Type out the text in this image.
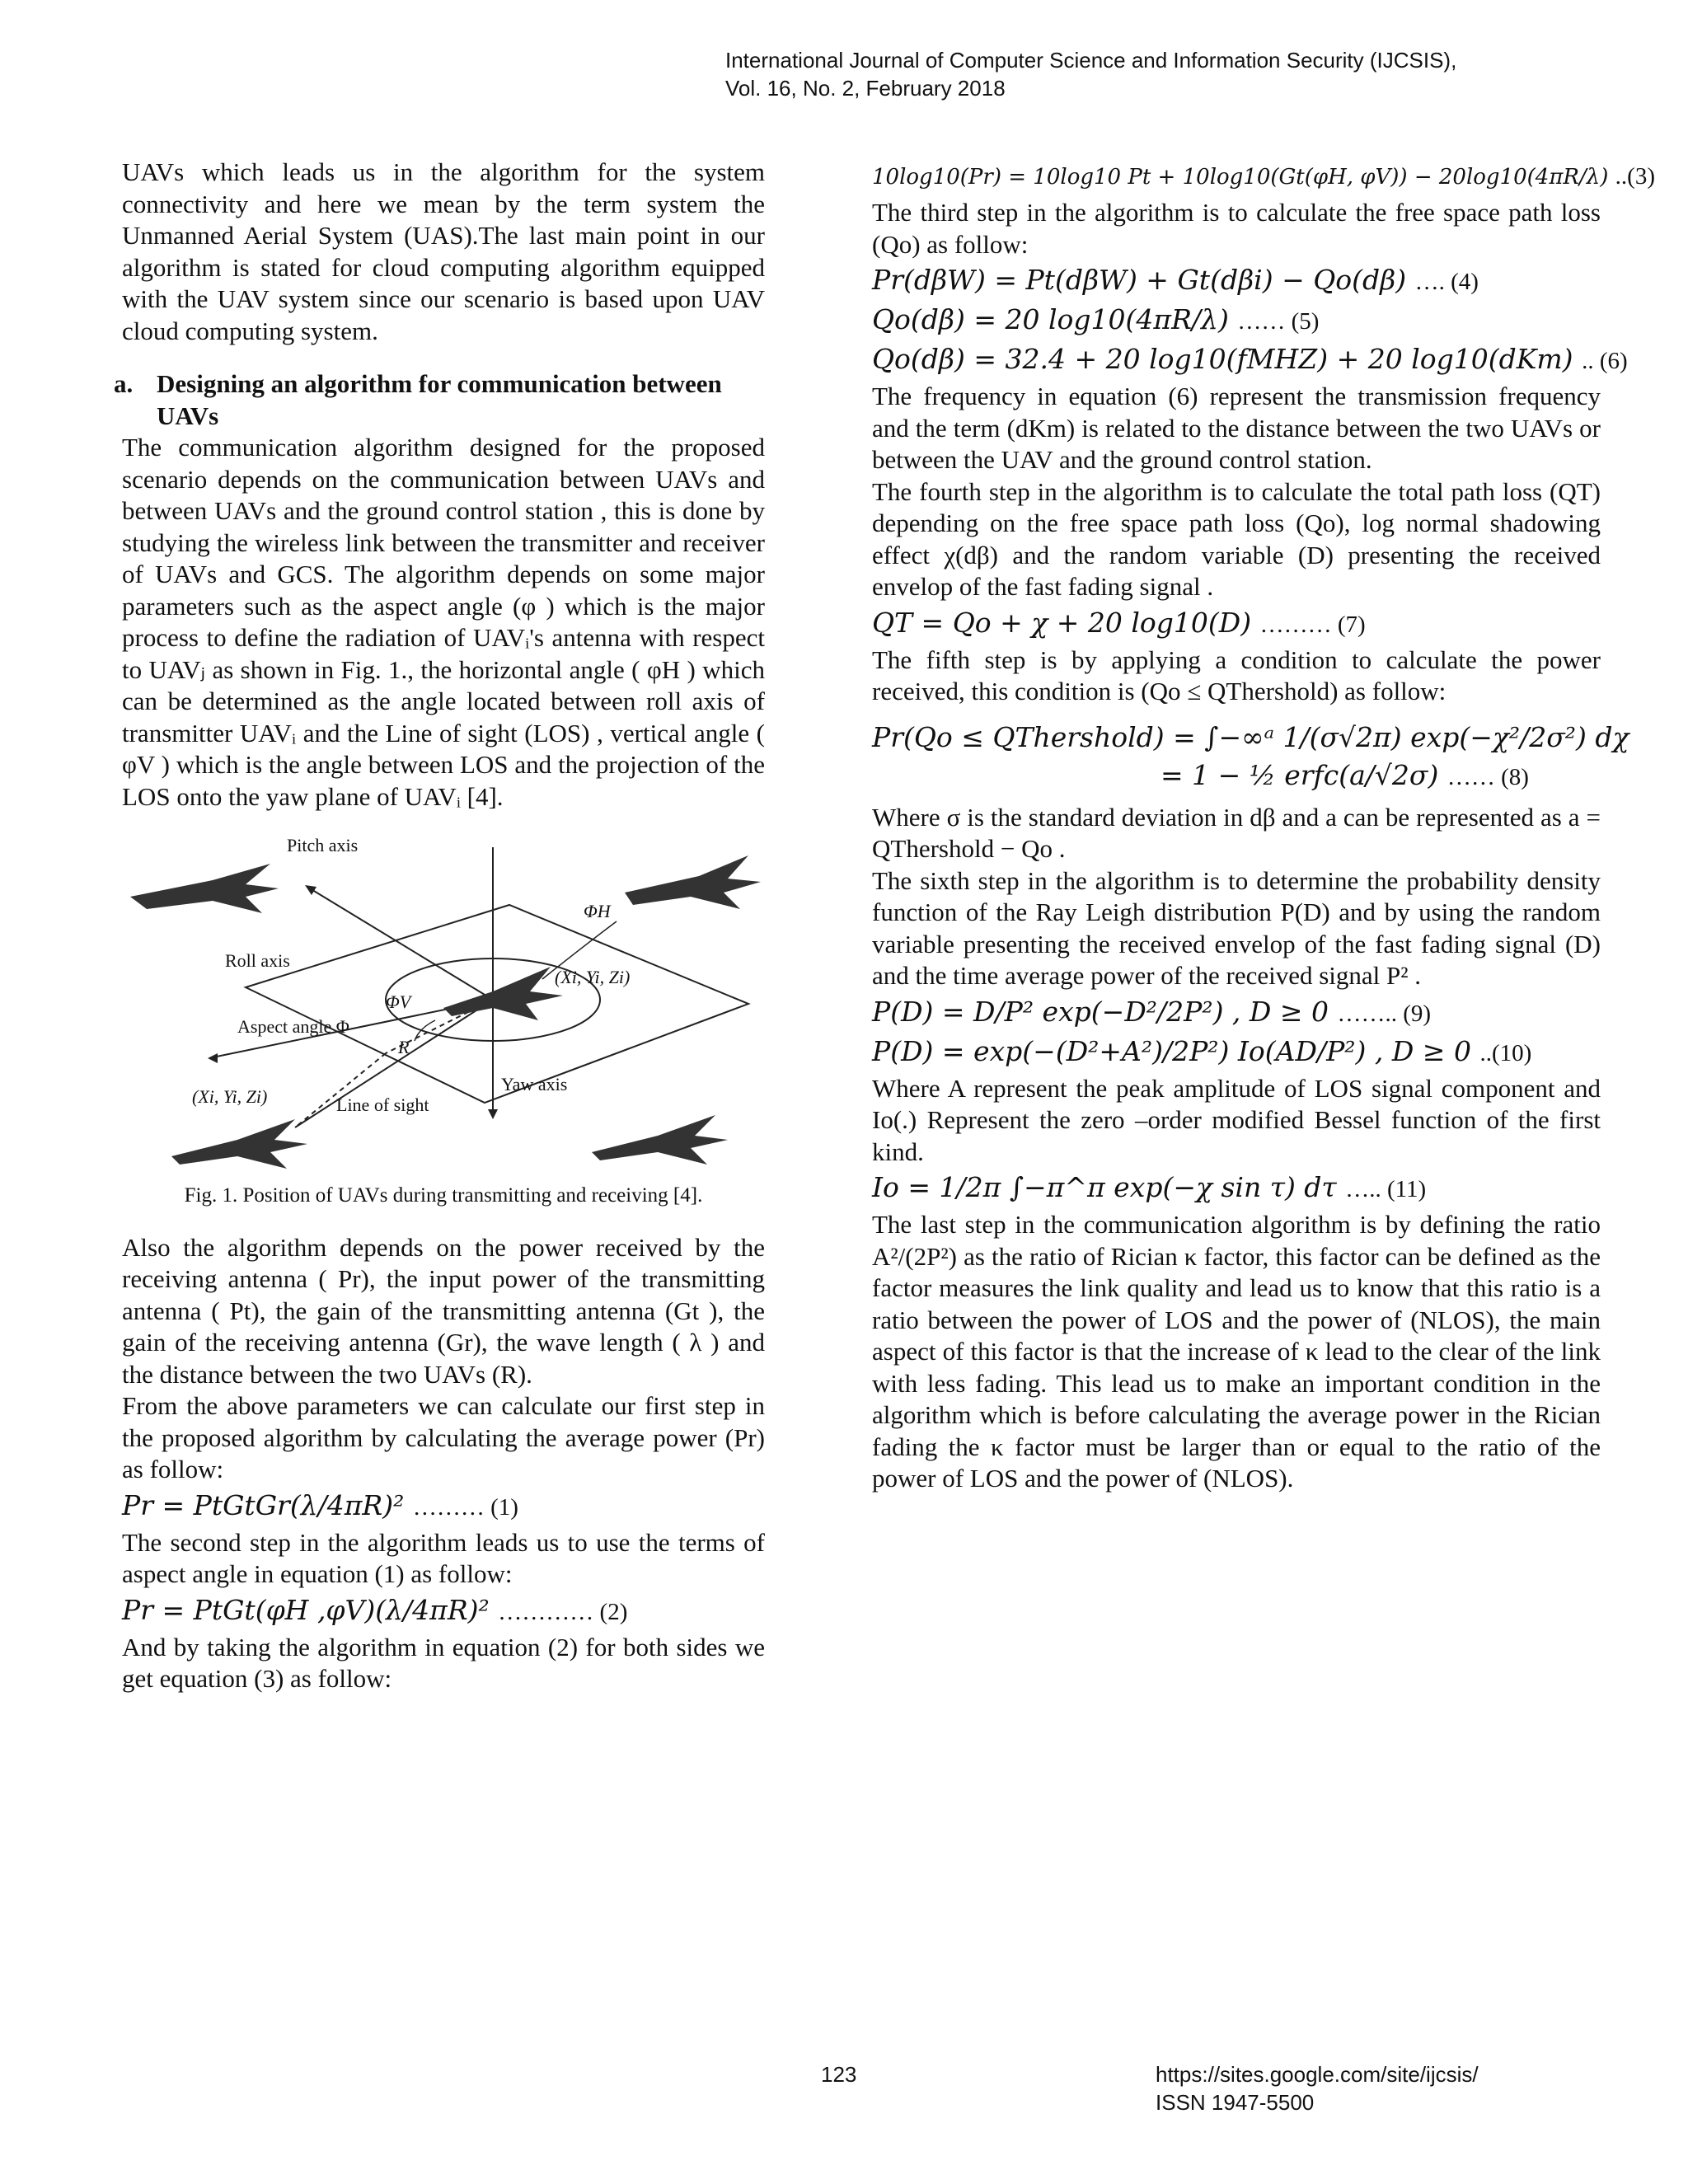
International Journal of Computer Science and Information Security (IJCSIS),
Vol. 16, No. 2, February 2018

UAVs which leads us in the algorithm for the system connectivity and here we mean by the term system the Unmanned Aerial System (UAS).The last main point in our algorithm is stated for cloud computing algorithm equipped with the UAV system since our scenario is based upon UAV cloud computing system.

a. Designing an algorithm for communication between UAVs

The communication algorithm designed for the proposed scenario depends on the communication between UAVs and between UAVs and the ground control station , this is done by studying the wireless link between the transmitter and receiver of UAVs and GCS. The algorithm depends on some major parameters such as the aspect angle (φ ) which is the major process to define the radiation of UAVᵢ's antenna with respect to UAVⱼ as shown in Fig. 1., the horizontal angle ( φH ) which can be determined as the angle located between roll axis of transmitter UAVᵢ and the Line of sight (LOS) , vertical angle ( φV ) which is the angle between LOS and the projection of the LOS onto the yaw plane of UAVᵢ [4].

Pitch axis
ΦH
Roll axis
(Xi, Yi, Zi)
ΦV
Aspect angle Φ
R
Yaw axis
(Xi, Yi, Zi)	Line of sight
Fig. 1. Position of UAVs during transmitting and receiving [4].

Also the algorithm depends on the power received by the receiving antenna ( Pr), the input power of the transmitting antenna ( Pt), the gain of the transmitting antenna (Gt ), the gain of the receiving antenna (Gr), the wave length ( λ ) and the distance between the two UAVs (R).

From the above parameters we can calculate our first step in the proposed algorithm by calculating the average power (Pr) as follow:

Pr = PtGtGr(λ/4πR)² ……… (1)

The second step in the algorithm leads us to use the terms of aspect angle in equation (1) as follow:

Pr = PtGt(φH ,φV)(λ/4πR)² ………… (2)

And by taking the algorithm in equation (2) for both sides we get equation (3) as follow:

10log10(Pr) = 10log10 Pt + 10log10(Gt(φH, φV)) − 20log10(4πR/λ) ..(3)

The third step in the algorithm is to calculate the free space path loss (Qo) as follow:

Pr(dβW) = Pt(dβW) + Gt(dβi) − Qo(dβ) …. (4)
Qo(dβ) = 20 log10(4πR/λ) …… (5)
Qo(dβ) = 32.4 + 20 log10(fMHZ) + 20 log10(dKm) .. (6)

The frequency in equation (6) represent the transmission frequency and the term (dKm) is related to the distance between the two UAVs or between the UAV and the ground control station.

The fourth step in the algorithm is to calculate the total path loss (QT) depending on the free space path loss (Qo), log normal shadowing effect χ(dβ) and the random variable (D) presenting the received envelop of the fast fading signal .

QT = Qo + χ + 20 log10(D) ……… (7)

The fifth step is by applying a condition to calculate the power received, this condition is (Qo ≤ QThershold) as follow:

Pr(Qo ≤ QThershold) = ∫−∞ᵃ 1/(σ√2π) exp(−χ²/2σ²) dχ
= 1 − ½ erfc(a/√2σ) …… (8)

Where σ is the standard deviation in dβ and a can be represented as a = QThershold − Qo .

The sixth step in the algorithm is to determine the probability density function of the Ray Leigh distribution P(D) and by using the random variable presenting the received envelop of the fast fading signal (D) and the time average power of the received signal P² .

P(D) = D/P² exp(−D²/2P²) , D ≥ 0 …….. (9)
P(D) = exp(−(D²+A²)/2P²) Io(AD/P²) , D ≥ 0 ..(10)

Where A represent the peak amplitude of LOS signal component and Io(.) Represent the zero –order modified Bessel function of the first kind.

Io = 1/2π ∫−π^π exp(−χ sin τ) dτ ….. (11)

The last step in the communication algorithm is by defining the ratio A²/(2P²) as the ratio of Rician κ factor, this factor can be defined as the factor measures the link quality and lead us to know that this ratio is a ratio between the power of LOS and the power of (NLOS), the main aspect of this factor is that the increase of κ lead to the clear of the link with less fading. This lead us to make an important condition in the algorithm which is before calculating the average power in the Rician fading the κ factor must be larger than or equal to the ratio of the power of LOS and the power of (NLOS).

123	https://sites.google.com/site/ijcsis/
ISSN 1947-5500
